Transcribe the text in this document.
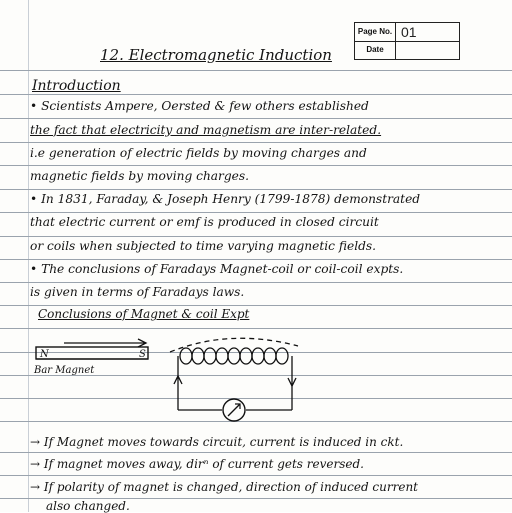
Page No. 01
Date
12. Electromagnetic Induction
Introduction
• Scientists Ampere, Oersted & few others established
the fact that electricity and magnetism are inter-related.
i.e generation of electric fields by moving charges and
magnetic fields by moving charges.
• In 1831, Faraday, & Joseph Henry (1799-1878) demonstrated
that electric current or emf is produced in closed circuit
or coils when subjected to time varying magnetic fields.
• The conclusions of Faradays Magnet-coil or coil-coil expts.
is given in terms of Faradays laws.
Conclusions of Magnet & coil Expt
N	S
Bar Magnet
→ If Magnet moves towards circuit, current is induced in ckt.
→ If magnet moves away, dirⁿ of current gets reversed.
→ If polarity of magnet is changed, direction of induced current
also changed.
